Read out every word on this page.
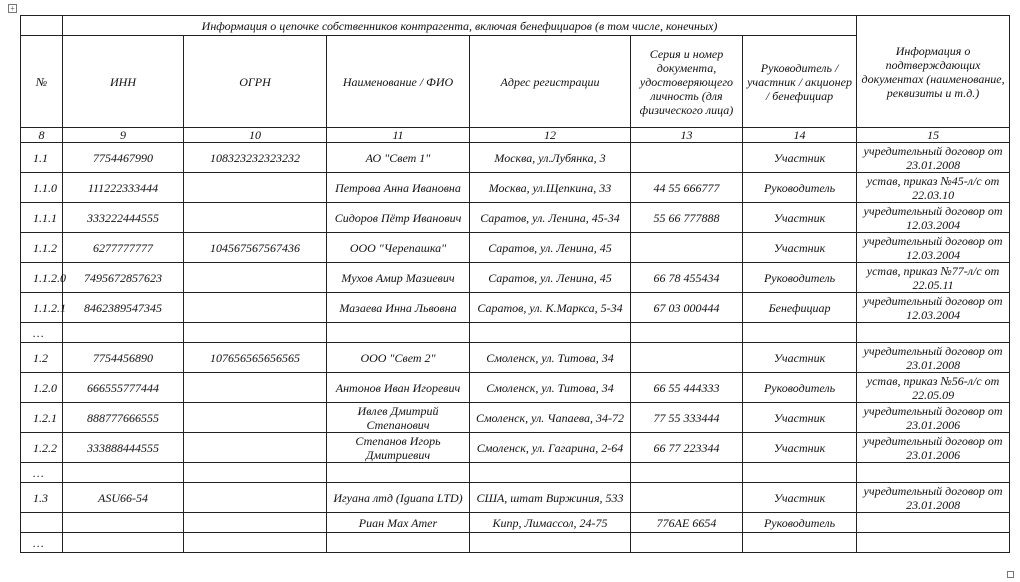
+
	Информация о цепочке собственников контрагента, включая бенефициаров (в том числе, конечных)						Информация о подтверждающих документах (наименование, реквизиты и т.д.)
№	ИНН	ОГРН	Наименование / ФИО	Адрес регистрации	Серия и номер документа, удостоверяющего личность (для физического лица)	Руководитель / участник / акционер / бенефициар	
8	9	10	11	12	13	14	15
1.1	7754467990	108323232323232	АО "Свет 1"	Москва, ул.Лубянка, 3		Участник	учредительный договор от 23.01.2008
1.1.0	111222333444		Петрова Анна Ивановна	Москва, ул.Щепкина, 33	44 55 666777	Руководитель	устав, приказ №45-л/с от 22.03.10
1.1.1	333222444555		Сидоров Пётр Иванович	Саратов, ул. Ленина, 45-34	55 66 777888	Участник	учредительный договор от 12.03.2004
1.1.2	6277777777	104567567567436	ООО "Черепашка"	Саратов, ул. Ленина, 45		Участник	учредительный договор от 12.03.2004
1.1.2.0	7495672857623		Мухов Амир Мазиевич	Саратов, ул. Ленина, 45	66 78 455434	Руководитель	устав, приказ №77-л/с от 22.05.11
1.1.2.1	8462389547345		Мазаева Инна Львовна	Саратов, ул. К.Маркса, 5-34	67 03 000444	Бенефициар	учредительный договор от 12.03.2004
…							
1.2	7754456890	107656565656565	ООО "Свет 2"	Смоленск, ул. Титова, 34		Участник	учредительный договор от 23.01.2008
1.2.0	666555777444		Антонов Иван Игоревич	Смоленск, ул. Титова, 34	66 55 444333	Руководитель	устав, приказ №56-л/с от 22.05.09
1.2.1	888777666555		Ивлев Дмитрий Степанович	Смоленск, ул. Чапаева, 34-72	77 55 333444	Участник	учредительный договор от 23.01.2006
1.2.2	333888444555		Степанов Игорь Дмитриевич	Смоленск, ул. Гагарина, 2-64	66 77 223344	Участник	учредительный договор от 23.01.2006
…							
1.3	ASU66-54		Игуана лтд (Iguana LTD)	США, штат Виржиния, 533		Участник	учредительный договор от 23.01.2008
			Риан Max Amer	Кипр, Лимассол, 24-75	776АЕ 6654	Руководитель	
…							
